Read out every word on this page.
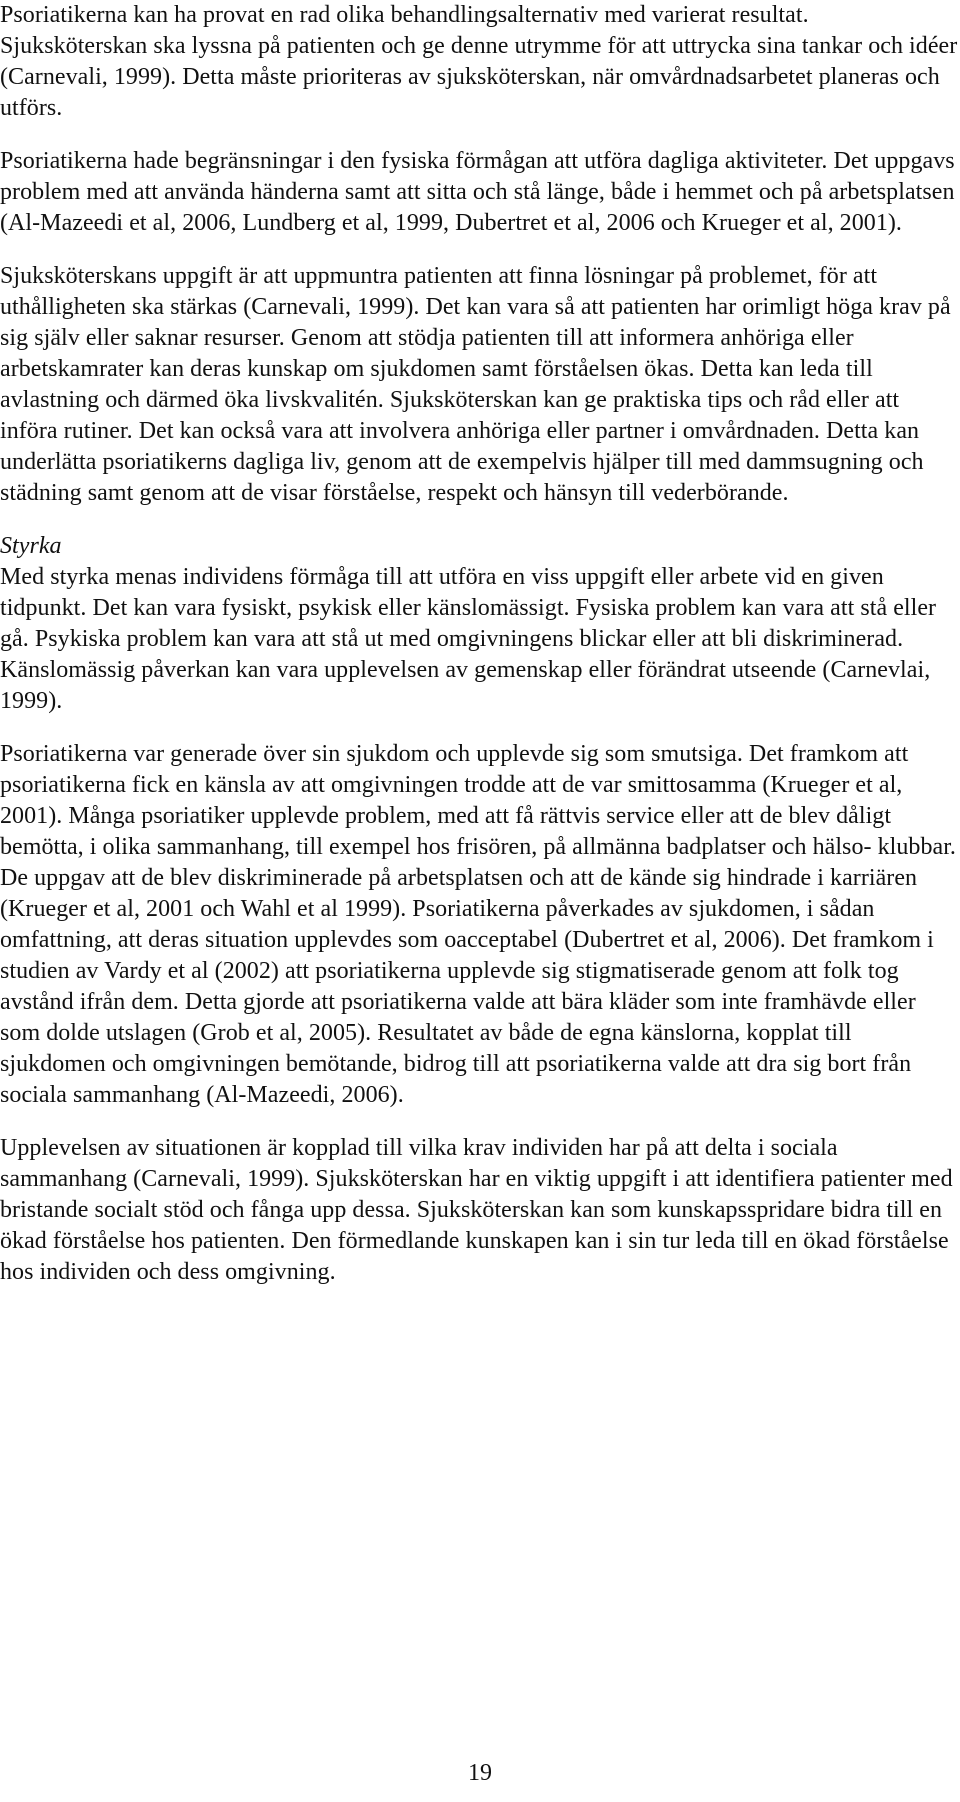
Psoriatikerna kan ha provat en rad olika behandlingsalternativ med varierat resultat. Sjuksköterskan ska lyssna på patienten och ge denne utrymme för att uttrycka sina tankar och idéer (Carnevali, 1999). Detta måste prioriteras av sjuksköterskan, när omvårdnadsarbetet planeras och utförs.

Psoriatikerna hade begränsningar i den fysiska förmågan att utföra dagliga aktiviteter. Det uppgavs problem med att använda händerna samt att sitta och stå länge, både i hemmet och på arbetsplatsen (Al-Mazeedi et al, 2006, Lundberg et al, 1999, Dubertret et al, 2006 och Krueger et al, 2001).

Sjuksköterskans uppgift är att uppmuntra patienten att finna lösningar på problemet, för att uthålligheten ska stärkas (Carnevali, 1999). Det kan vara så att patienten har orimligt höga krav på sig själv eller saknar resurser. Genom att stödja patienten till att informera anhöriga eller arbetskamrater kan deras kunskap om sjukdomen samt förståelsen ökas. Detta kan leda till avlastning och därmed öka livskvalitén. Sjuksköterskan kan ge praktiska tips och råd eller att införa rutiner. Det kan också vara att involvera anhöriga eller partner i omvårdnaden. Detta kan underlätta psoriatikerns dagliga liv, genom att de exempelvis hjälper till med dammsugning och städning samt genom att de visar förståelse, respekt och hänsyn till vederbörande.

Styrka
Med styrka menas individens förmåga till att utföra en viss uppgift eller arbete vid en given tidpunkt. Det kan vara fysiskt, psykisk eller känslomässigt. Fysiska problem kan vara att stå eller gå. Psykiska problem kan vara att stå ut med omgivningens blickar eller att bli diskriminerad. Känslomässig påverkan kan vara upplevelsen av gemenskap eller förändrat utseende (Carnevlai, 1999).

Psoriatikerna var generade över sin sjukdom och upplevde sig som smutsiga. Det framkom att psoriatikerna fick en känsla av att omgivningen trodde att de var smittosamma (Krueger et al, 2001). Många psoriatiker upplevde problem, med att få rättvis service eller att de blev dåligt bemötta, i olika sammanhang, till exempel hos frisören, på allmänna badplatser och hälso- klubbar. De uppgav att de blev diskriminerade på arbetsplatsen och att de kände sig hindrade i karriären (Krueger et al, 2001 och Wahl et al 1999). Psoriatikerna påverkades av sjukdomen, i sådan omfattning, att deras situation upplevdes som oacceptabel (Dubertret et al, 2006). Det framkom i studien av Vardy et al (2002) att psoriatikerna upplevde sig stigmatiserade genom att folk tog avstånd ifrån dem. Detta gjorde att psoriatikerna valde att bära kläder som inte framhävde eller som dolde utslagen (Grob et al, 2005). Resultatet av både de egna känslorna, kopplat till sjukdomen och omgivningen bemötande, bidrog till att psoriatikerna valde att dra sig bort från sociala sammanhang (Al-Mazeedi, 2006).

Upplevelsen av situationen är kopplad till vilka krav individen har på att delta i sociala sammanhang (Carnevali, 1999). Sjuksköterskan har en viktig uppgift i att identifiera patienter med bristande socialt stöd och fånga upp dessa. Sjuksköterskan kan som kunskapsspridare bidra till en ökad förståelse hos patienten. Den förmedlande kunskapen kan i sin tur leda till en ökad förståelse hos individen och dess omgivning.

19
